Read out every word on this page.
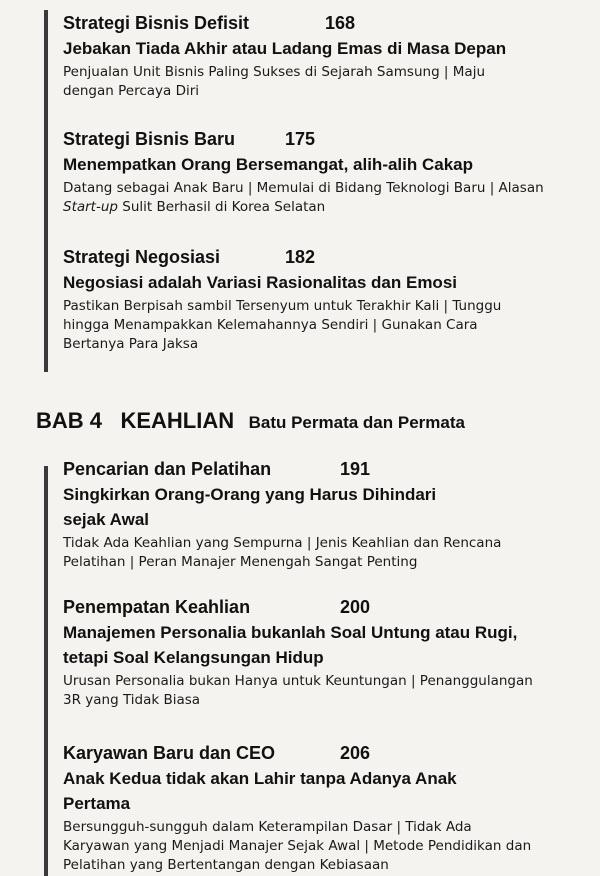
Strategi Bisnis Defisit	168
Jebakan Tiada Akhir atau Ladang Emas di Masa Depan
Penjualan Unit Bisnis Paling Sukses di Sejarah Samsung | Maju dengan Percaya Diri
Strategi Bisnis Baru	175
Menempatkan Orang Bersemangat, alih-alih Cakap
Datang sebagai Anak Baru | Memulai di Bidang Teknologi Baru | Alasan
Start-up Sulit Berhasil di Korea Selatan
Strategi Negosiasi	182
Negosiasi adalah Variasi Rasionalitas dan Emosi
Pastikan Berpisah sambil Tersenyum untuk Terakhir Kali | Tunggu hingga Menampakkan Kelemahannya Sendiri | Gunakan Cara Bertanya Para Jaksa
BAB 4 KEAHLIAN Batu Permata dan Permata
Pencarian dan Pelatihan	191
Singkirkan Orang-Orang yang Harus Dihindari sejak Awal
Tidak Ada Keahlian yang Sempurna | Jenis Keahlian dan Rencana Pelatihan | Peran Manajer Menengah Sangat Penting
Penempatan Keahlian	200
Manajemen Personalia bukanlah Soal Untung atau Rugi, tetapi Soal Kelangsungan Hidup
Urusan Personalia bukan Hanya untuk Keuntungan | Penanggulangan 3R yang Tidak Biasa
Karyawan Baru dan CEO	206
Anak Kedua tidak akan Lahir tanpa Adanya Anak Pertama
Bersungguh-sungguh dalam Keterampilan Dasar | Tidak Ada Karyawan yang Menjadi Manajer Sejak Awal | Metode Pendidikan dan Pelatihan yang Bertentangan dengan Kebiasaan
